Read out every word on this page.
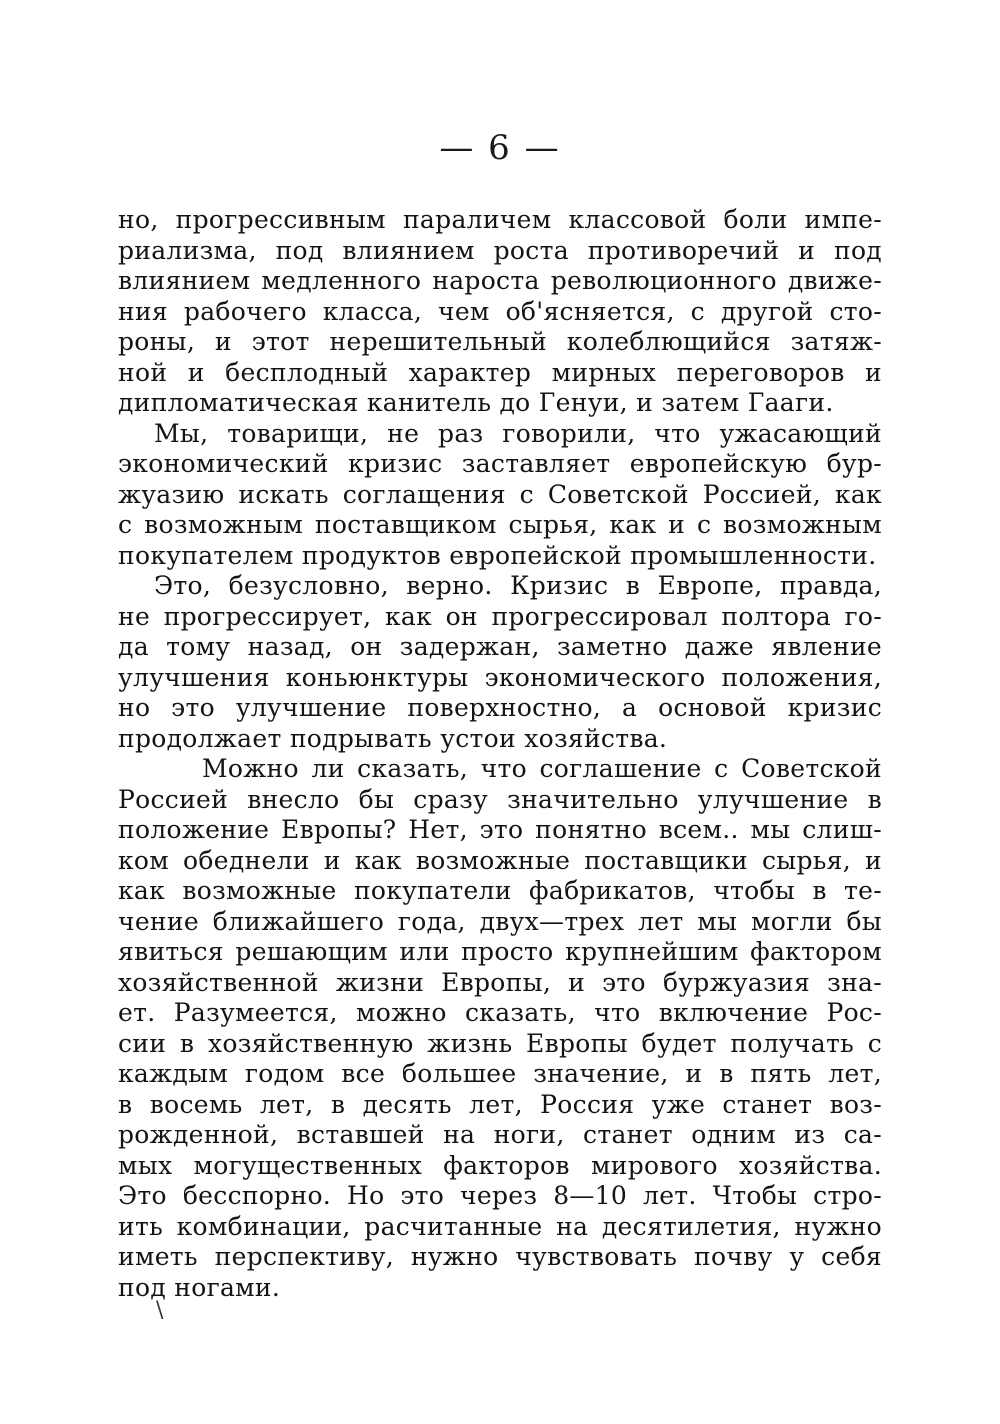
— 6 —
но, прогрессивным параличем классовой боли импе-
риализма, под влиянием роста противоречий и под
влиянием медленного нароста революционного движе-
ния рабочего класса, чем об'ясняется, с другой сто-
роны, и этот нерешительный колеблющийся затяж-
ной и бесплодный характер мирных переговоров и
дипломатическая канитель до Генуи, и затем Гааги.
Мы, товарищи, не раз говорили, что ужасающий
экономический кризис заставляет европейскую бур-
жуазию искать соглащения с Советской Россией, как
с возможным поставщиком сырья, как и с возможным
покупателем продуктов европейской промышленности.
Это, безусловно, верно. Кризис в Европе, правда,
не прогрессирует, как он прогрессировал полтора го-
да тому назад, он задержан, заметно даже явление
улучшения коньюнктуры экономического положения,
но это улучшение поверхностно, а основой кризис
продолжает подрывать устои хозяйства.
Можно ли сказать, что соглашение с Советской
Россией внесло бы сразу значительно улучшение в
положение Европы? Нет, это понятно всем.. мы слиш-
ком обеднели и как возможные поставщики сырья, и
как возможные покупатели фабрикатов, чтобы в те-
чение ближайшего года, двух—трех лет мы могли бы
явиться решающим или просто крупнейшим фактором
хозяйственной жизни Европы, и это буржуазия зна-
ет. Разумеется, можно сказать, что включение Рос-
сии в хозяйственную жизнь Европы будет получать с
каждым годом все большее значение, и в пять лет,
в восемь лет, в десять лет, Россия уже станет воз-
рожденной, вставшей на ноги, станет одним из са-
мых могущественных факторов мирового хозяйства.
Это бесспорно. Но это через 8—10 лет. Чтобы стро-
ить комбинации, расчитанные на десятилетия, нужно
иметь перспективу, нужно чувствовать почву у себя
под ногами.
\
